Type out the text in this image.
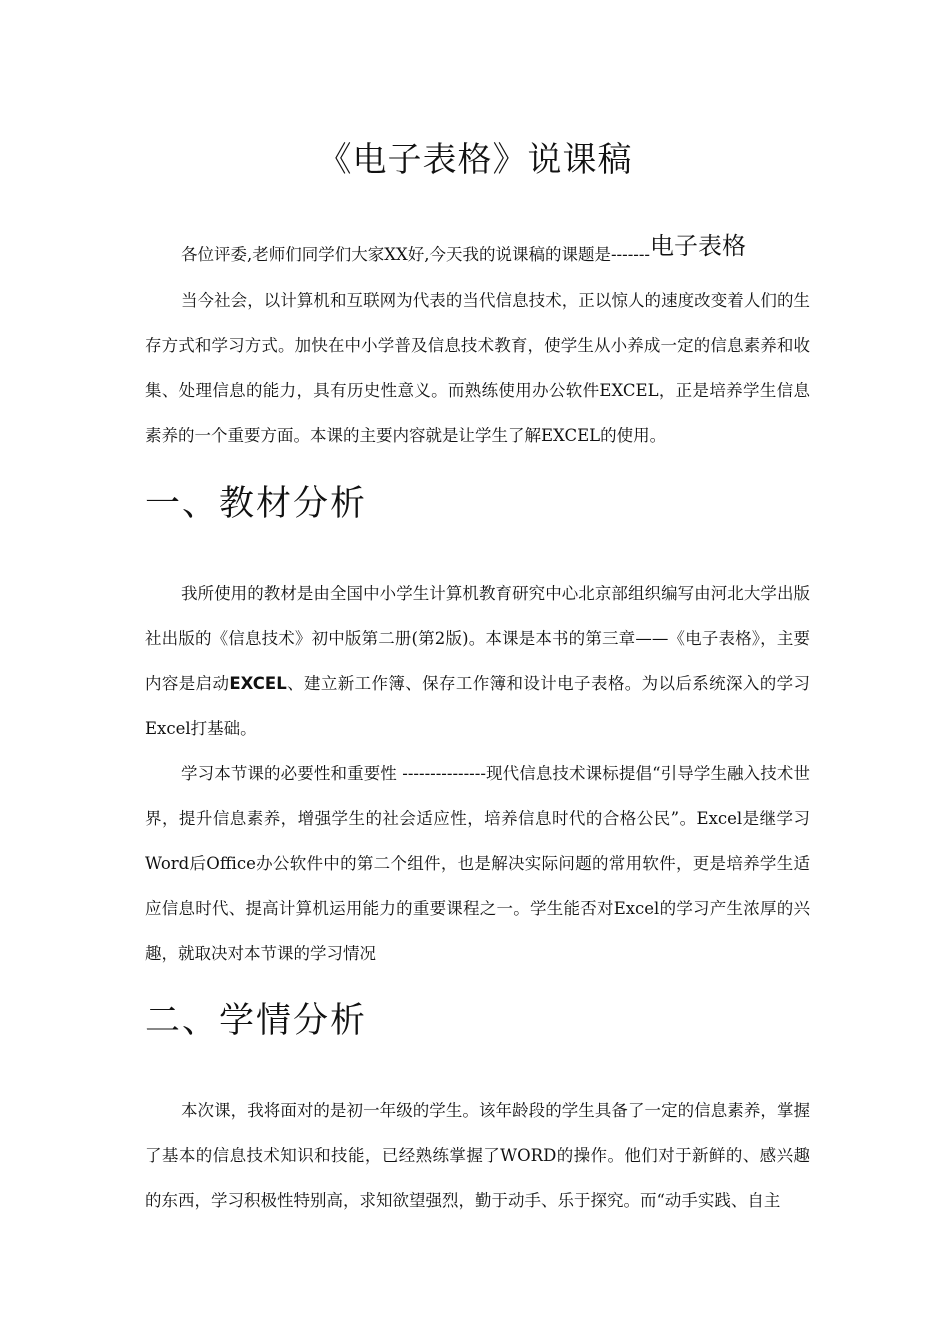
《电子表格》说课稿

各位评委,老师们同学们大家XX好,今天我的说课稿的课题是-------电子表格

当今社会，以计算机和互联网为代表的当代信息技术，正以惊人的速度改变着人们的生存方式和学习方式。加快在中小学普及信息技术教育，使学生从小养成一定的信息素养和收集、处理信息的能力，具有历史性意义。而熟练使用办公软件EXCEL，正是培养学生信息素养的一个重要方面。本课的主要内容就是让学生了解EXCEL的使用。

一、教材分析

我所使用的教材是由全国中小学生计算机教育研究中心北京部组织编写由河北大学出版社出版的《信息技术》初中版第二册(第2版)。本课是本书的第三章——《电子表格》，主要内容是启动EXCEL、建立新工作簿、保存工作簿和设计电子表格。为以后系统深入的学习Excel打基础。

学习本节课的必要性和重要性 ---------------现代信息技术课标提倡“引导学生融入技术世界，提升信息素养，增强学生的社会适应性，培养信息时代的合格公民”。Excel是继学习Word后Office办公软件中的第二个组件，也是解决实际问题的常用软件，更是培养学生适应信息时代、提高计算机运用能力的重要课程之一。学生能否对Excel的学习产生浓厚的兴趣，就取决对本节课的学习情况

二、学情分析

本次课，我将面对的是初一年级的学生。该年龄段的学生具备了一定的信息素养，掌握了基本的信息技术知识和技能，已经熟练掌握了WORD的操作。他们对于新鲜的、感兴趣的东西，学习积极性特别高，求知欲望强烈，勤于动手、乐于探究。而“动手实践、自主
